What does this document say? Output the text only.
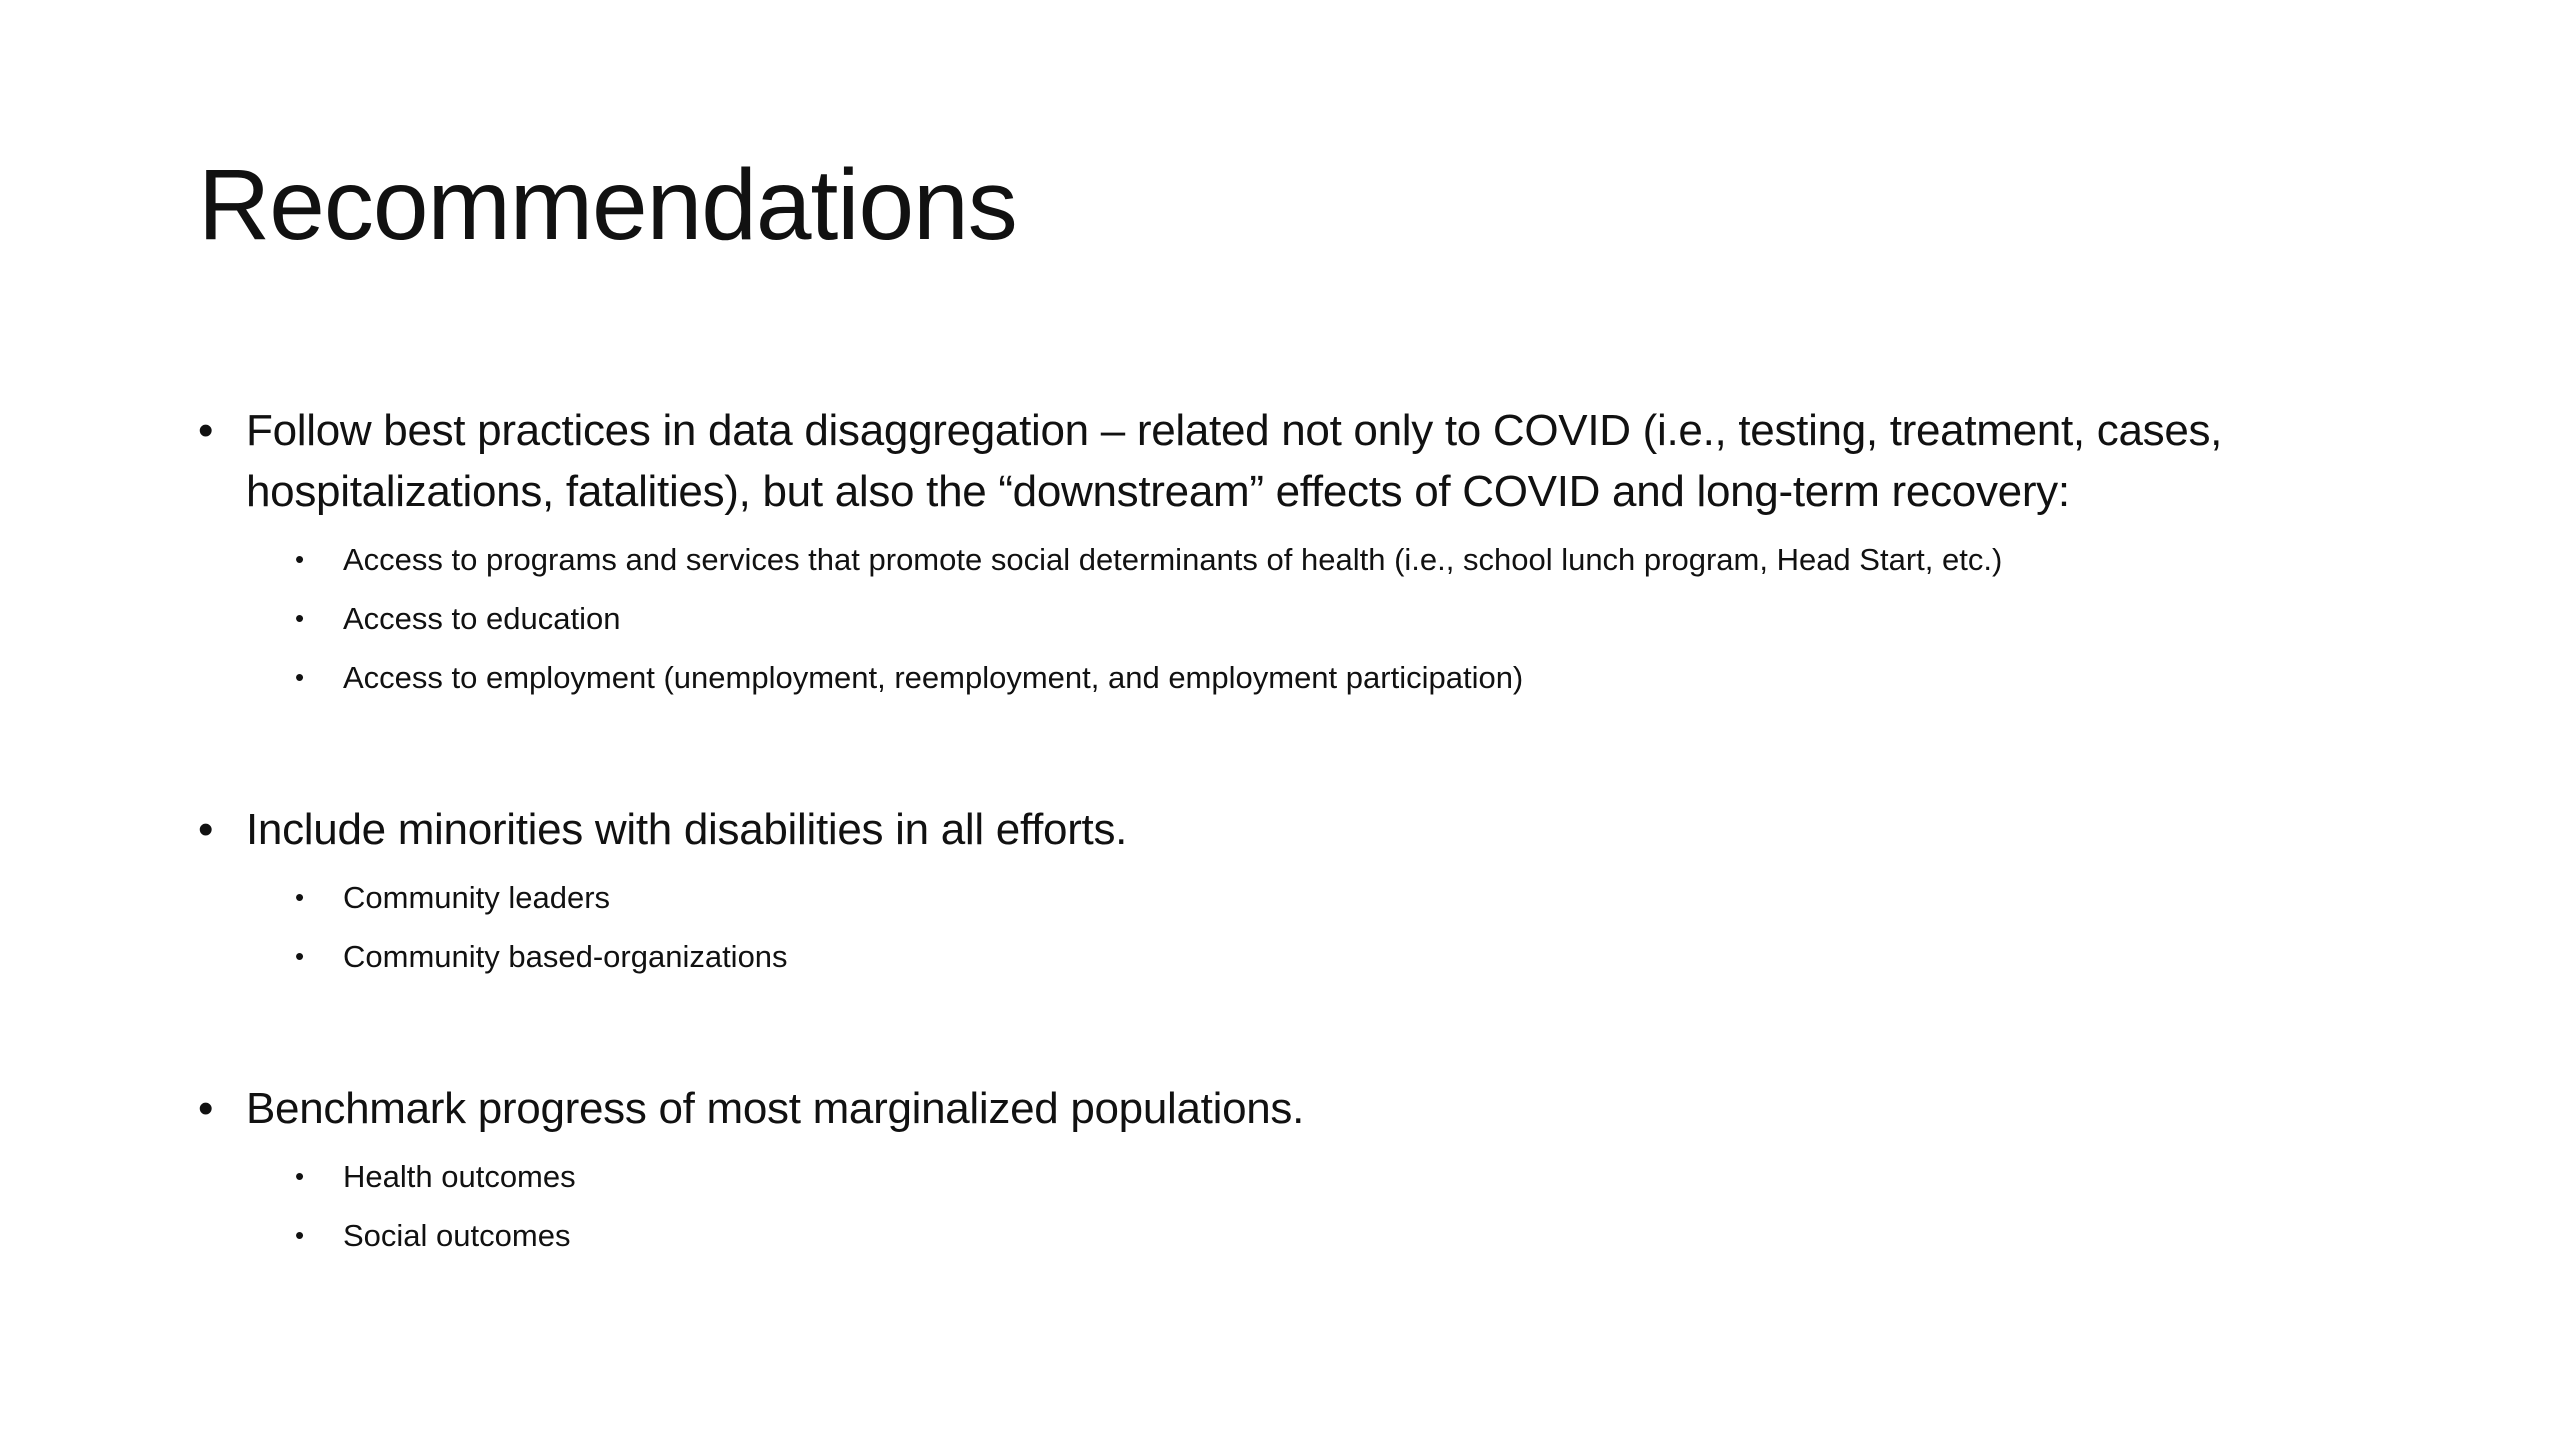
Recommendations
• Follow best practices in data disaggregation – related not only to COVID (i.e., testing, treatment, cases, hospitalizations, fatalities), but also the “downstream” effects of COVID and long-term recovery:
• Access to programs and services that promote social determinants of health (i.e., school lunch program, Head Start, etc.)
• Access to education
• Access to employment (unemployment, reemployment, and employment participation)
• Include minorities with disabilities in all efforts.
• Community leaders
• Community based-organizations
• Benchmark progress of most marginalized populations.
• Health outcomes
• Social outcomes
